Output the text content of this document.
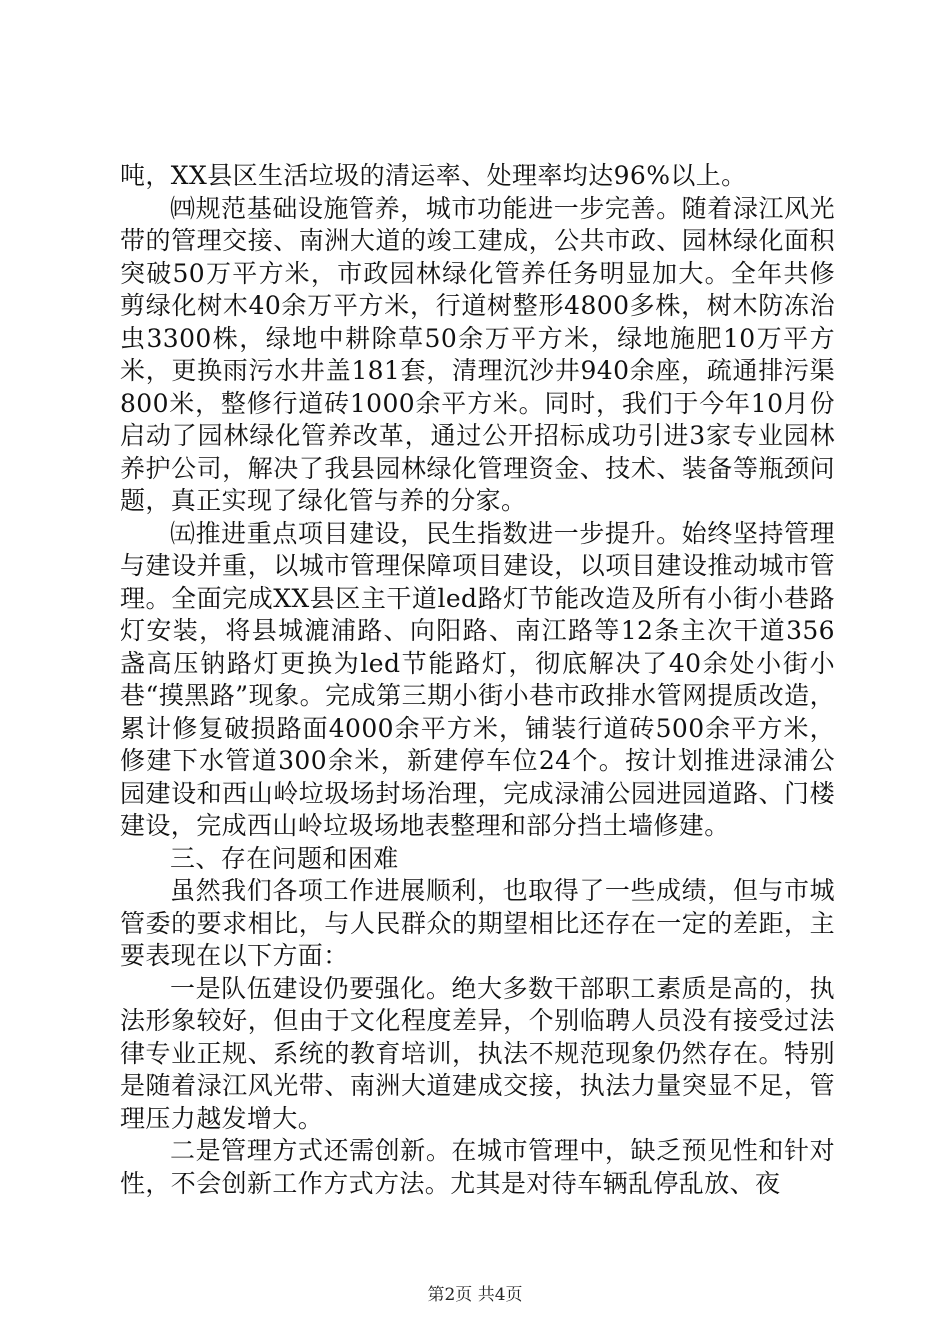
吨，XX县区生活垃圾的清运率、处理率均达96%以上。

㈣规范基础设施管养，城市功能进一步完善。随着渌江风光带的管理交接、南洲大道的竣工建成，公共市政、园林绿化面积突破50万平方米，市政园林绿化管养任务明显加大。全年共修剪绿化树木40余万平方米，行道树整形4800多株，树木防冻治虫3300株，绿地中耕除草50余万平方米，绿地施肥10万平方米，更换雨污水井盖181套，清理沉沙井940余座，疏通排污渠800米，整修行道砖1000余平方米。同时，我们于今年10月份启动了园林绿化管养改革，通过公开招标成功引进3家专业园林养护公司，解决了我县园林绿化管理资金、技术、装备等瓶颈问题，真正实现了绿化管与养的分家。

㈤推进重点项目建设，民生指数进一步提升。始终坚持管理与建设并重，以城市管理保障项目建设，以项目建设推动城市管理。全面完成XX县区主干道led路灯节能改造及所有小街小巷路灯安装，将县城漉浦路、向阳路、南江路等12条主次干道356盏高压钠路灯更换为led节能路灯，彻底解决了40余处小街小巷“摸黑路”现象。完成第三期小街小巷市政排水管网提质改造，累计修复破损路面4000余平方米，铺装行道砖500余平方米，修建下水管道300余米，新建停车位24个。按计划推进渌浦公园建设和西山岭垃圾场封场治理，完成渌浦公园进园道路、门楼建设，完成西山岭垃圾场地表整理和部分挡土墙修建。

三、存在问题和困难

虽然我们各项工作进展顺利，也取得了一些成绩，但与市城管委的要求相比，与人民群众的期望相比还存在一定的差距，主要表现在以下方面：

一是队伍建设仍要强化。绝大多数干部职工素质是高的，执法形象较好，但由于文化程度差异，个别临聘人员没有接受过法律专业正规、系统的教育培训，执法不规范现象仍然存在。特别是随着渌江风光带、南洲大道建成交接，执法力量突显不足，管理压力越发增大。

二是管理方式还需创新。在城市管理中，缺乏预见性和针对性，不会创新工作方式方法。尤其是对待车辆乱停乱放、夜

第2页 共4页
